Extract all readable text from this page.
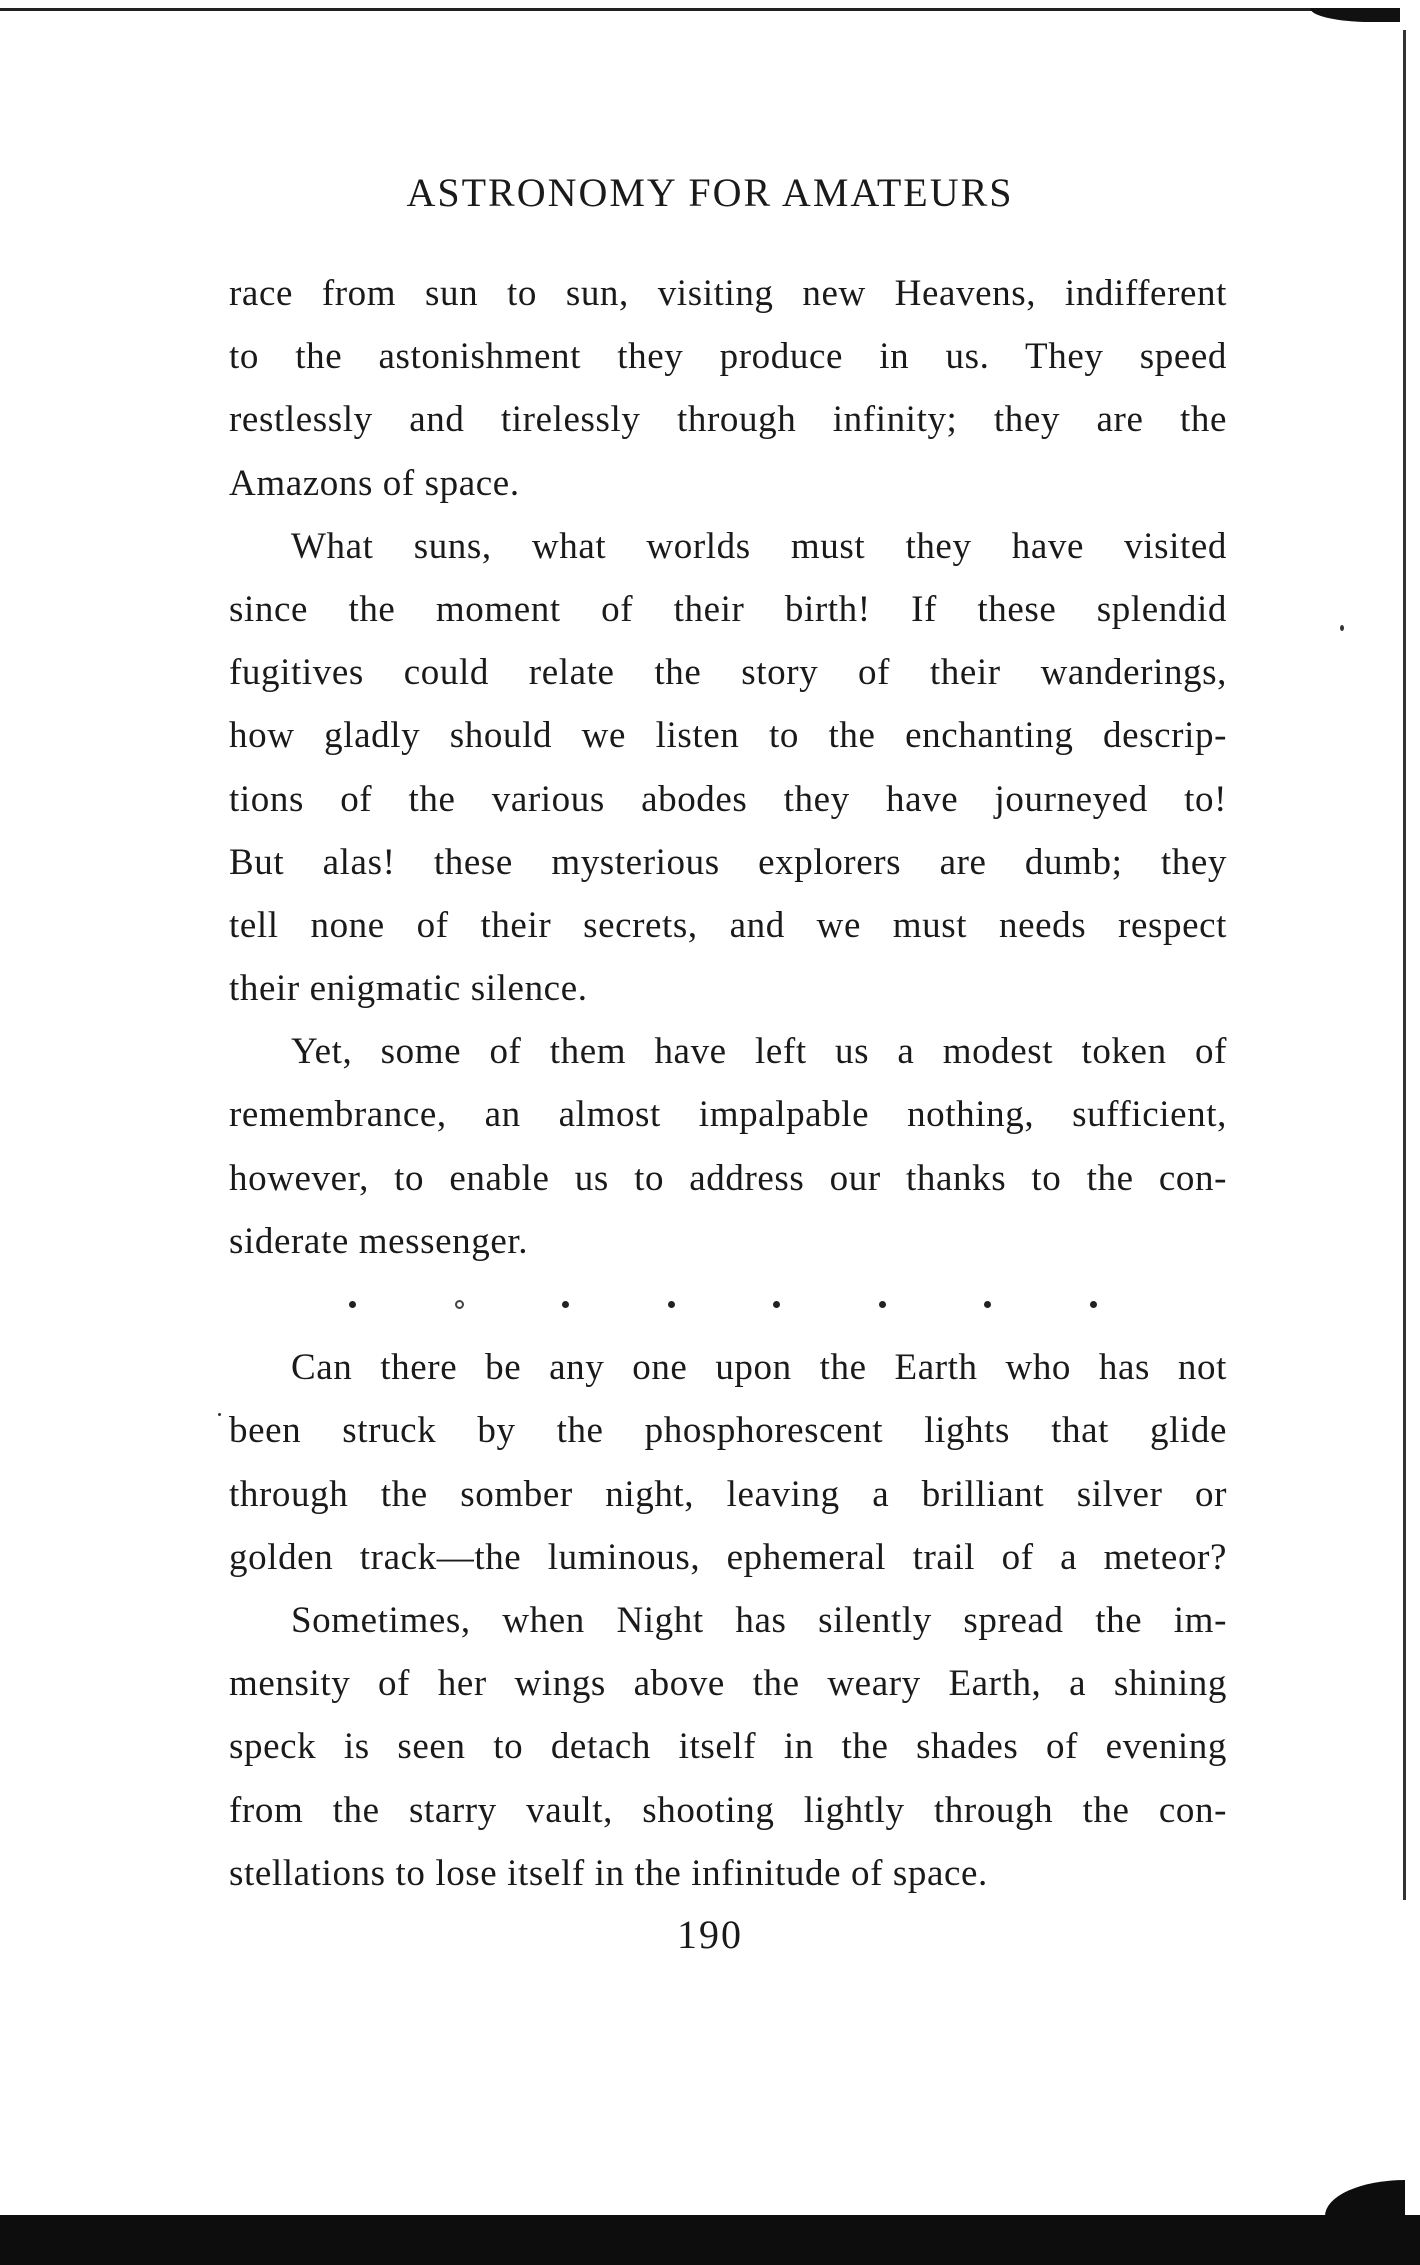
ASTRONOMY FOR AMATEURS
race from sun to sun, visiting new Heavens, indifferent
to the astonishment they produce in us. They speed
restlessly and tirelessly through infinity; they are the
Amazons of space.
What suns, what worlds must they have visited
since the moment of their birth! If these splendid
fugitives could relate the story of their wanderings,
how gladly should we listen to the enchanting descrip-
tions of the various abodes they have journeyed to!
But alas! these mysterious explorers are dumb; they
tell none of their secrets, and we must needs respect
their enigmatic silence.
Yet, some of them have left us a modest token of
remembrance, an almost impalpable nothing, sufficient,
however, to enable us to address our thanks to the con-
siderate messenger.
Can there be any one upon the Earth who has not
been struck by the phosphorescent lights that glide
through the somber night, leaving a brilliant silver or
golden track—the luminous, ephemeral trail of a meteor?
Sometimes, when Night has silently spread the im-
mensity of her wings above the weary Earth, a shining
speck is seen to detach itself in the shades of evening
from the starry vault, shooting lightly through the con-
stellations to lose itself in the infinitude of space.
190
